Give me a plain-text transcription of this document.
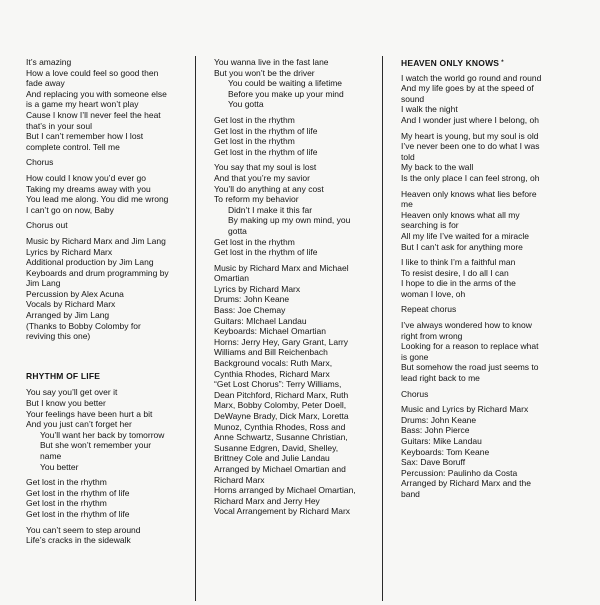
It’s amazing
How a love could feel so good then
fade away
And replacing you with someone else
is a game my heart won’t play
Cause I know I’ll never feel the heat
that’s in your soul
But I can’t remember how I lost
complete control. Tell me
Chorus
How could I know you’d ever go
Taking my dreams away with you
You lead me along. You did me wrong
I can’t go on now, Baby
Chorus out
Music by Richard Marx and Jim Lang
Lyrics by Richard Marx
Additional production by Jim Lang
Keyboards and drum programming by
Jim Lang
Percussion by Alex Acuna
Vocals by Richard Marx
Arranged by Jim Lang
(Thanks to Bobby Colomby for
reviving this one)
RHYTHM OF LIFE
You say you’ll get over it
But I know you better
Your feelings have been hurt a bit
And you just can’t forget her
You’ll want her back by tomorrow
But she won’t remember your
name
You better
Get lost in the rhythm
Get lost in the rhythm of life
Get lost in the rhythm
Get lost in the rhythm of life
You can’t seem to step around
Life’s cracks in the sidewalk
You wanna live in the fast lane
But you won’t be the driver
You could be waiting a lifetime
Before you make up your mind
You gotta
Get lost in the rhythm
Get lost in the rhythm of life
Get lost in the rhythm
Get lost in the rhythm of life
You say that my soul is lost
And that you’re my savior
You’ll do anything at any cost
To reform my behavior
Didn’t I make it this far
By making up my own mind, you
gotta
Get lost in the rhythm
Get lost in the rhythm of life
Music by Richard Marx and Michael
Omartian
Lyrics by Richard Marx
Drums: John Keane
Bass: Joe Chemay
Guitars: MIchael Landau
Keyboards: Michael Omartian
Horns: Jerry Hey, Gary Grant, Larry
Williams and Bill Reichenbach
Background vocals: Ruth Marx,
Cynthia Rhodes, Richard Marx
“Get Lost Chorus”: Terry Williams,
Dean Pitchford, Richard Marx, Ruth
Marx, Bobby Colomby, Peter Doell,
DeWayne Brady, Dick Marx, Loretta
Munoz, Cynthia Rhodes, Ross and
Anne Schwartz, Susanne Christian,
Susanne Edgren, David, Shelley,
Brittney Cole and Julie Landau
Arranged by Michael Omartian and
Richard Marx
Horns arranged by Michael Omartian,
Richard Marx and Jerry Hey
Vocal Arrangement by Richard Marx
HEAVEN ONLY KNOWS *
I watch the world go round and round
And my life goes by at the speed of
sound
I walk the night
And I wonder just where I belong, oh
My heart is young, but my soul is old
I’ve never been one to do what I was
told
My back to the wall
Is the only place I can feel strong, oh
Heaven only knows what lies before
me
Heaven only knows what all my
searching is for
All my life I’ve waited for a miracle
But I can’t ask for anything more
I like to think I’m a faithful man
To resist desire, I do all I can
I hope to die in the arms of the
woman I love, oh
Repeat chorus
I’ve always wondered how to know
right from wrong
Looking for a reason to replace what
is gone
But somehow the road just seems to
lead right back to me
Chorus
Music and Lyrics by Richard Marx
Drums: John Keane
Bass: John Pierce
Guitars: Mike Landau
Keyboards: Tom Keane
Sax: Dave Boruff
Percussion: Paulinho da Costa
Arranged by Richard Marx and the
band
